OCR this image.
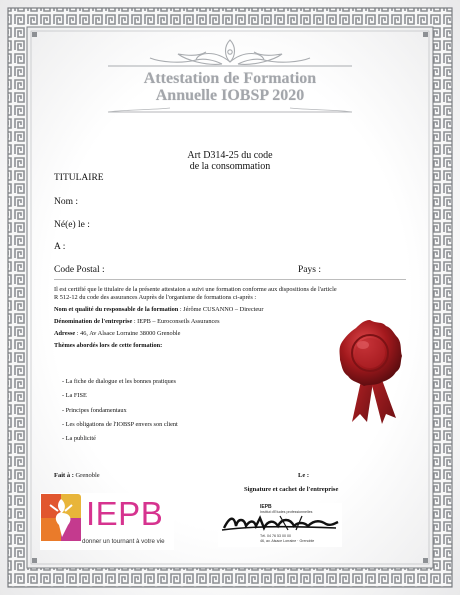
Attestation de Formation
Annuelle IOBSP 2020
Art D314-25 du code
de la consommation
TITULAIRE
Nom :
Né(e) le :
A :
Code Postal :	Pays :

Il est certifié que le titulaire de la présente attestaion a suivi une formation conforme aux dispositions de l'article
R 512-12 du code des assurances Auprès de l'organisme de formations ci-après :

Nom et qualité du responsable de la formation : Jérôme CUSANNO – Directeur

Dénomination de l'entreprise : IEPB – Euroconseils Assurances

Adresse : 46, Av Alsace Lorraine 38000 Grenoble

Thèmes abordés lors de cette formation:

- La fiche de dialogue et les bonnes pratiques
- La FISE
- Principes fondamentaux
- Les obligations de l'IOBSP envers son client
- La publicité
Fait à : Grenoble	Le :
Signature et cachet de l'entreprise
IEPB
donner un tournant à votre vie
IEPB
Institut d'Etudes professionnelles
Tél. 04 76 53 00 00
46, av. Alsace Lorraine · Grenoble
